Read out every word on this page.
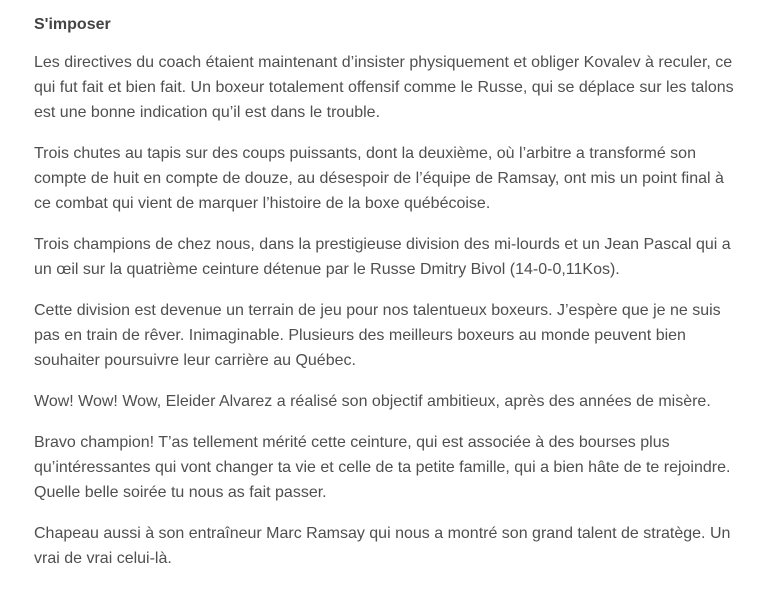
S'imposer

Les directives du coach étaient maintenant d’insister physiquement et obliger Kovalev à reculer, ce qui fut fait et bien fait. Un boxeur totalement offensif comme le Russe, qui se déplace sur les talons est une bonne indication qu’il est dans le trouble.

Trois chutes au tapis sur des coups puissants, dont la deuxième, où l’arbitre a transformé son compte de huit en compte de douze, au désespoir de l’équipe de Ramsay, ont mis un point final à ce combat qui vient de marquer l’histoire de la boxe québécoise.

Trois champions de chez nous, dans la prestigieuse division des mi-lourds et un Jean Pascal qui a un œil sur la quatrième ceinture détenue par le Russe Dmitry Bivol (14-0-0,11Kos).

Cette division est devenue un terrain de jeu pour nos talentueux boxeurs. J’espère que je ne suis pas en train de rêver. Inimaginable. Plusieurs des meilleurs boxeurs au monde peuvent bien souhaiter poursuivre leur carrière au Québec.

Wow! Wow! Wow, Eleider Alvarez a réalisé son objectif ambitieux, après des années de misère.

Bravo champion! T’as tellement mérité cette ceinture, qui est associée à des bourses plus qu’intéressantes qui vont changer ta vie et celle de ta petite famille, qui a bien hâte de te rejoindre. Quelle belle soirée tu nous as fait passer.

Chapeau aussi à son entraîneur Marc Ramsay qui nous a montré son grand talent de stratège. Un vrai de vrai celui-là.
